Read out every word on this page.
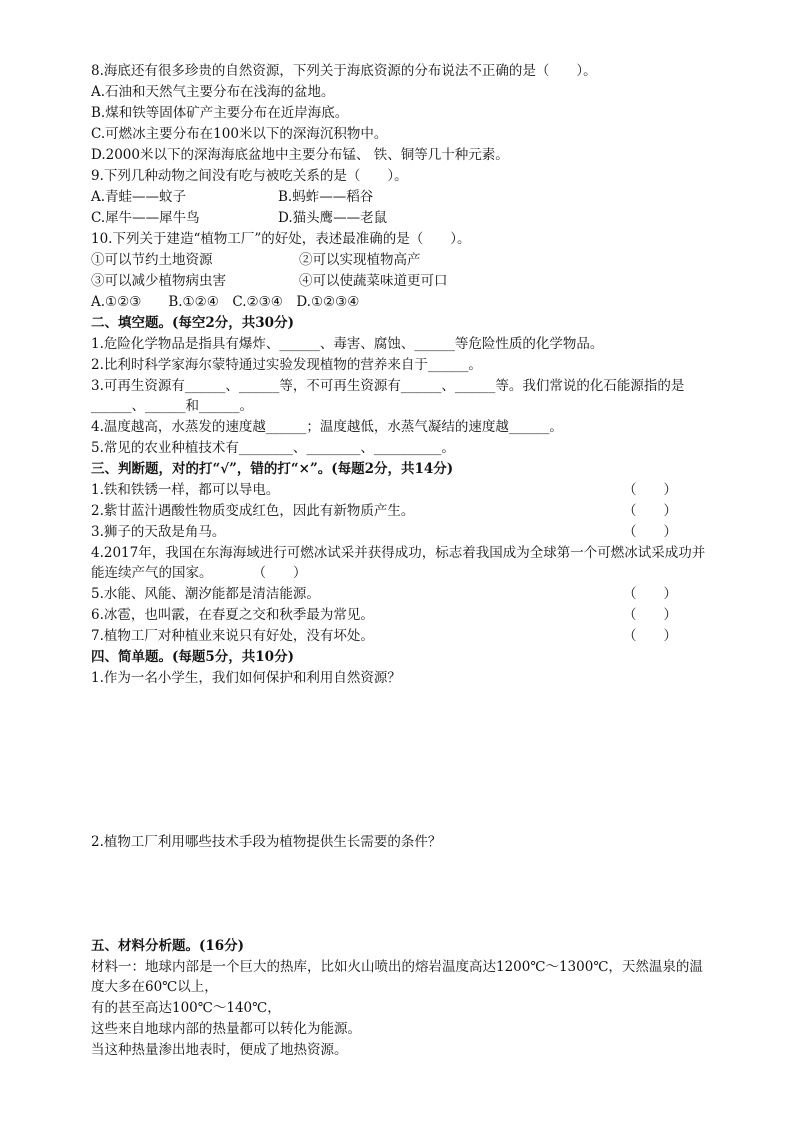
8.海底还有很多珍贵的自然资源，下列关于海底资源的分布说法不正确的是（　　）。
A.石油和天然气主要分布在浅海的盆地。
B.煤和铁等固体矿产主要分布在近岸海底。
C.可燃冰主要分布在100米以下的深海沉积物中。
D.2000米以下的深海海底盆地中主要分布锰、 铁、铜等几十种元素。
9.下列几种动物之间没有吃与被吃关系的是（　　）。
A.青蛙——蚊子	B.蚂蚱——稻谷
C.犀牛——犀牛鸟	D.猫头鹰——老鼠
10.下列关于建造“植物工厂”的好处，表述最准确的是（　　）。
①可以节约土地资源	②可以实现植物高产
③可以减少植物病虫害	④可以使蔬菜味道更可口
A.①②③　　B.①②④　C.②③④　D.①②③④
二、填空题。(每空2分，共30分)
1.危险化学物品是指具有爆炸、______、毒害、腐蚀、______等危险性质的化学物品。
2.比利时科学家海尔蒙特通过实验发现植物的营养来自于______。
3.可再生资源有______、______等，不可再生资源有______、______等。我们常说的化石能源指的是______、______和______。
4.温度越高，水蒸发的速度越______；温度越低，水蒸气凝结的速度越______。
5.常见的农业种植技术有________、________、__________。
三、判断题，对的打“√”，错的打“×”。(每题2分，共14分)
1.铁和铁锈一样，都可以导电。	（　　）
2.紫甘蓝汁遇酸性物质变成红色，因此有新物质产生。	（　　）
3.狮子的天敌是角马。	（　　）
4.2017年，我国在东海海域进行可燃冰试采并获得成功，标志着我国成为全球第一个可燃冰试采成功并能连续产气的国家。	（　　）
5.水能、风能、潮汐能都是清洁能源。	（　　）
6.冰雹，也叫霰，在春夏之交和秋季最为常见。	（　　）
7.植物工厂对种植业来说只有好处，没有坏处。	（　　）
四、简单题。(每题5分，共10分)
1.作为一名小学生，我们如何保护和利用自然资源？
2.植物工厂利用哪些技术手段为植物提供生长需要的条件？
五、材料分析题。(16分)
材料一：地球内部是一个巨大的热库，比如火山喷出的熔岩温度高达1200℃～1300℃，天然温泉的温度大多在60℃以上，
有的甚至高达100℃～140℃，
这些来自地球内部的热量都可以转化为能源。
当这种热量渗出地表时，便成了地热资源。
